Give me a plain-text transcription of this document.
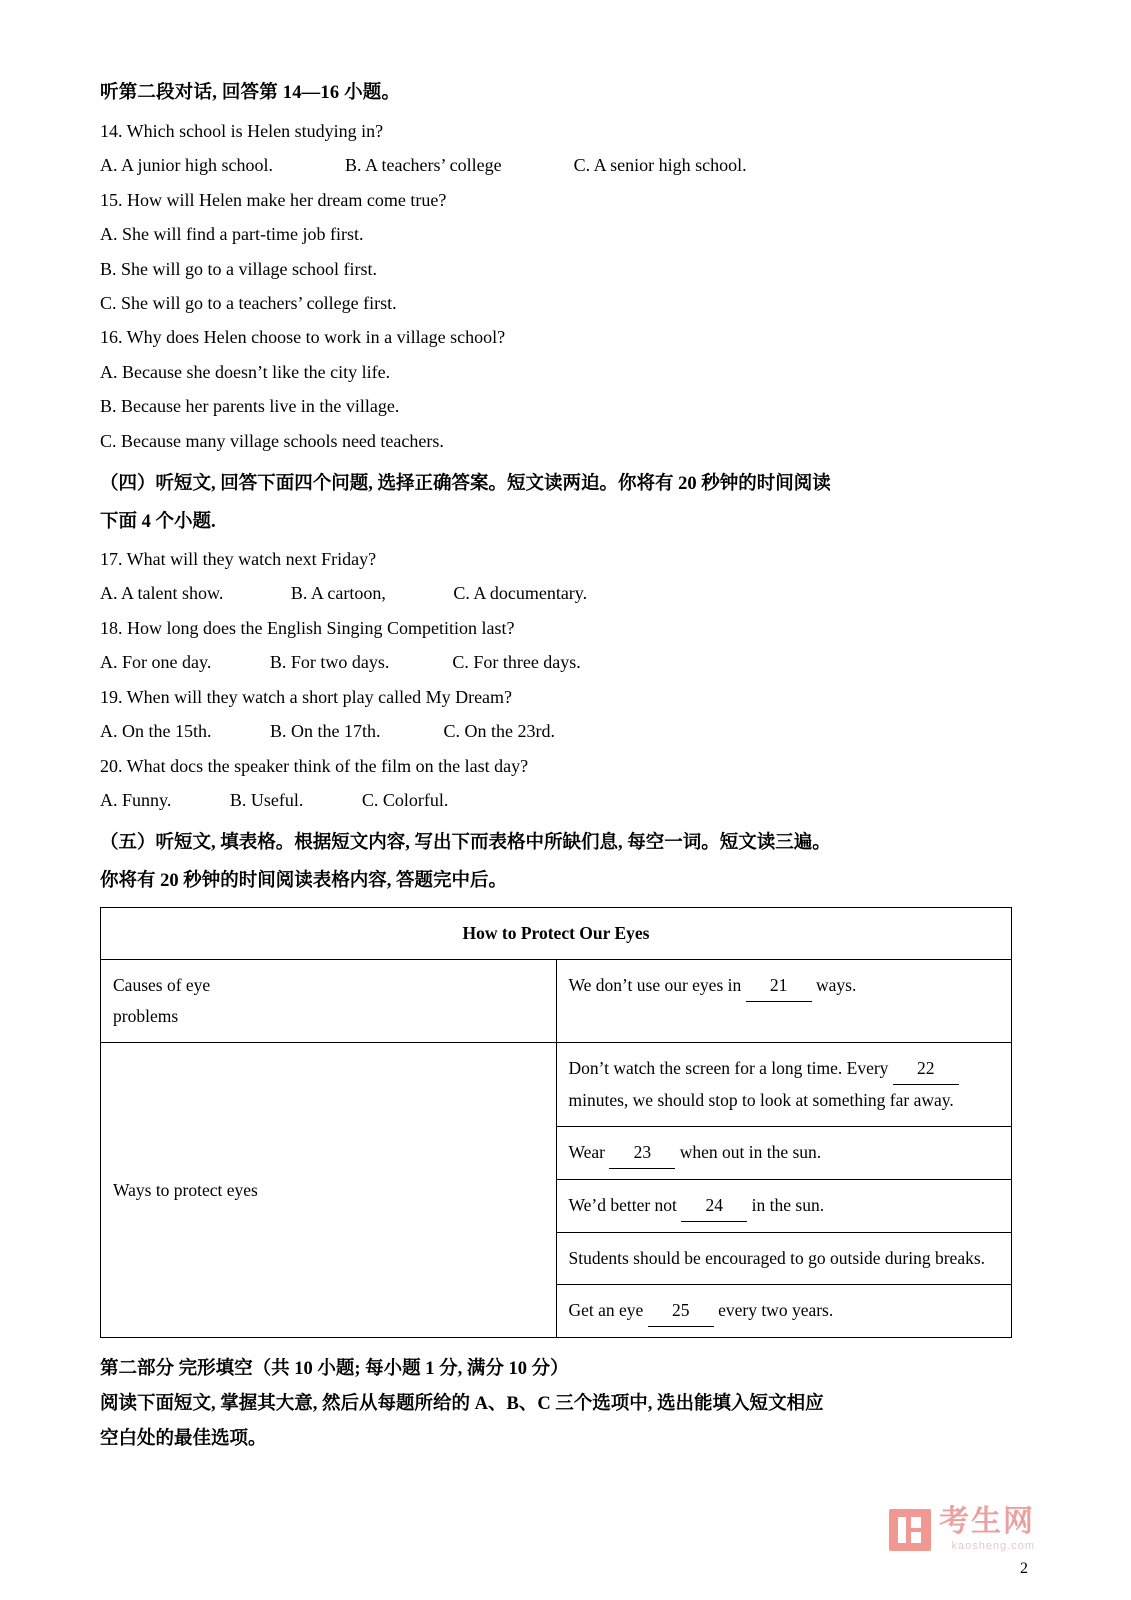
听第二段对话, 回答第 14—16 小题。

14. Which school is Helen studying in?

A. A junior high school.                B. A teachers’ college                C. A senior high school.

15. How will Helen make her dream come true?

A. She will find a part-time job first.

B. She will go to a village school first.

C. She will go to a teachers’ college first.

16. Why does Helen choose to work in a village school?

A. Because she doesn’t like the city life.

B. Because her parents live in the village.

C. Because many village schools need teachers.

（四）听短文, 回答下面四个问题, 选择正确答案。短文读两迫。你将有 20 秒钟的时间阅读

下面 4 个小题.

17. What will they watch next Friday?

A. A talent show.               B. A cartoon,               C. A documentary.

18. How long does the English Singing Competition last?

A. For one day.             B. For two days.              C. For three days.

19. When will they watch a short play called My Dream?

A. On the 15th.             B. On the 17th.              C. On the 23rd.

20. What docs the speaker think of the film on the last day?

A. Funny.             B. Useful.             C. Colorful.

（五）听短文, 填表格。根据短文内容, 写出下而表格中所缺们息, 每空一词。短文读三遍。

你将有 20 秒钟的时间阅读表格内容, 答题完中后。

How to Protect Our Eyes	

Causes of eye
problems	We don’t use our eyes in 21 ways.
Ways to protect eyes	Don’t watch the screen for a long time. Every 22 minutes, we should stop to look at something far away.
	Wear 23 when out in the sun.
	We’d better not 24 in the sun.
	Students should be encouraged to go outside during breaks.
	Get an eye 25 every two years.

第二部分 完形填空（共 10 小题; 每小题 1 分, 满分 10 分）

阅读下面短文, 掌握其大意, 然后从每题所给的 A、B、C 三个选项中, 选出能填入短文相应

空白处的最佳选项。

考生网
kaosheng.com
2
